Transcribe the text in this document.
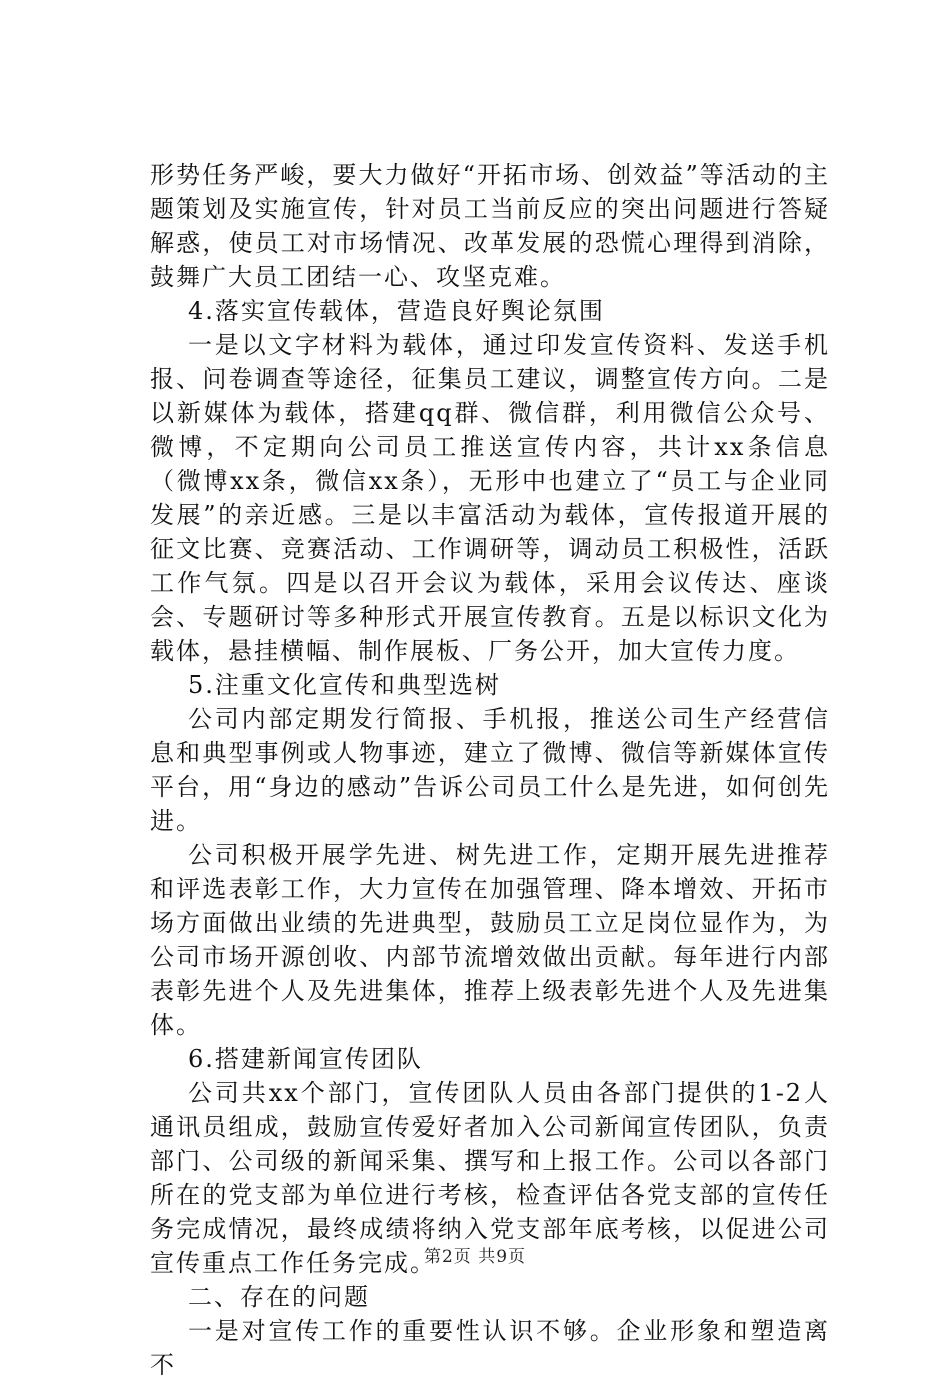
形势任务严峻，要大力做好“开拓市场、创效益”等活动的主题策划及实施宣传，针对员工当前反应的突出问题进行答疑解惑，使员工对市场情况、改革发展的恐慌心理得到消除，鼓舞广大员工团结一心、攻坚克难。

4.落实宣传载体，营造良好舆论氛围

一是以文字材料为载体，通过印发宣传资料、发送手机报、问卷调查等途径，征集员工建议，调整宣传方向。二是以新媒体为载体，搭建qq群、微信群，利用微信公众号、微博，不定期向公司员工推送宣传内容，共计xx条信息（微博xx条，微信xx条），无形中也建立了“员工与企业同发展”的亲近感。三是以丰富活动为载体，宣传报道开展的征文比赛、竞赛活动、工作调研等，调动员工积极性，活跃工作气氛。四是以召开会议为载体，采用会议传达、座谈会、专题研讨等多种形式开展宣传教育。五是以标识文化为载体，悬挂横幅、制作展板、厂务公开，加大宣传力度。

5.注重文化宣传和典型选树

公司内部定期发行简报、手机报，推送公司生产经营信息和典型事例或人物事迹，建立了微博、微信等新媒体宣传平台，用“身边的感动”告诉公司员工什么是先进，如何创先进。

公司积极开展学先进、树先进工作，定期开展先进推荐和评选表彰工作，大力宣传在加强管理、降本增效、开拓市场方面做出业绩的先进典型，鼓励员工立足岗位显作为，为公司市场开源创收、内部节流增效做出贡献。每年进行内部表彰先进个人及先进集体，推荐上级表彰先进个人及先进集体。

6.搭建新闻宣传团队

公司共xx个部门，宣传团队人员由各部门提供的1-2人通讯员组成，鼓励宣传爱好者加入公司新闻宣传团队，负责部门、公司级的新闻采集、撰写和上报工作。公司以各部门所在的党支部为单位进行考核，检查评估各党支部的宣传任务完成情况，最终成绩将纳入党支部年底考核，以促进公司宣传重点工作任务完成。

二、存在的问题

一是对宣传工作的重要性认识不够。企业形象和塑造离不

第2页 共9页
